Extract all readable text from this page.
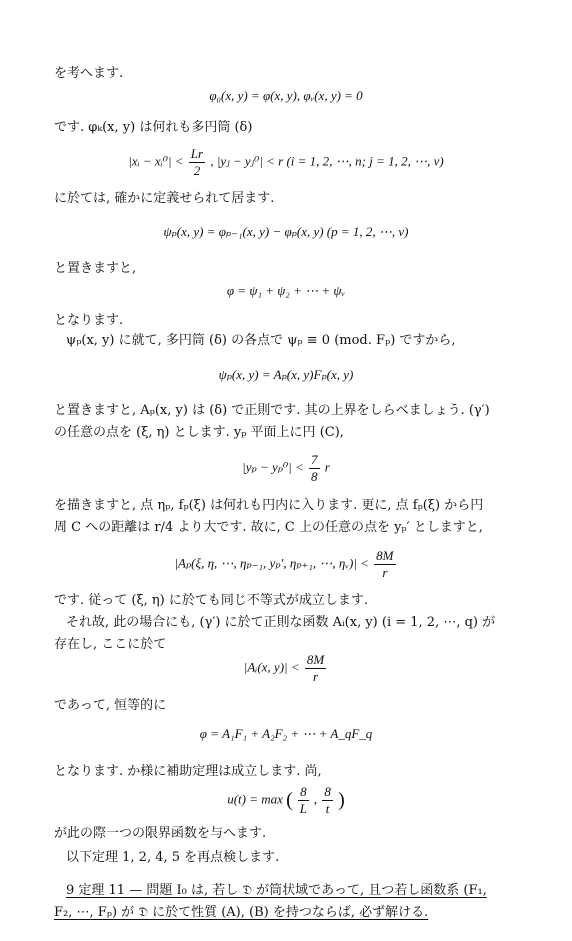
を考へます.
φ₀(x, y) = φ(x, y), φᵥ(x, y) = 0
です. φₖ(x, y) は何れも多円筒 (δ)
|xᵢ − xᵢ⁰| < $\frac{Lr}{2}$ , |yⱼ − yⱼ⁰| < r (i = 1, 2, ⋯, n; j = 1, 2, ⋯, ν)
に於ては, 確かに定義せられて居ます.
ψₚ(x, y) = φₚ₋₁(x, y) − φₚ(x, y) (p = 1, 2, ⋯, ν)
と置きますと,
φ = ψ₁ + ψ₂ + ⋯ + ψᵥ
となります.
ψₚ(x, y) に就て, 多円筒 (δ) の各点で ψₚ ≡ 0 (mod. Fₚ) ですから,
ψₚ(x, y) = Aₚ(x, y)Fₚ(x, y)
と置きますと, Aₚ(x, y) は (δ) で正則です. 其の上界をしらべましょう. (γ′)
の任意の点を (ξ, η) とします. yₚ 平面上に円 (C),
$|y_p - y_p^0| < \frac{7}{8}$ r
を描きますと, 点 ηₚ, fₚ(ξ) は何れも円内に入ります. 更に, 点 fₚ(ξ) から円
周 C への距離は r/4 より大です. 故に, C 上の任意の点を yₚ′ としますと,
|Aₚ(ξ, η, ⋯, ηₚ₋₁, yₚ′, ηₚ₊₁, ⋯, ηᵥ)| < $\frac{8M}{r}$
です. 従って (ξ, η) に於ても同じ不等式が成立します.
それ故, 此の場合にも, (γ′) に於て正則な函数 Aᵢ(x, y) (i = 1, 2, ⋯, q) が
存在し, ここに於て
|Aᵢ(x, $y)| < \frac{8M}{r}$
であって, 恒等的に
φ = A₁F₁ + A₂F₂ + ⋯ + A_qF_q
となります. か様に補助定理は成立します. 尚,
u(t) = max ( $\frac{8}{L}$ , $\frac{8}{t}$ )
が此の際一つの限界函数を与へます.
以下定理 1, 2, 4, 5 を再点検します.
9 定理 11 — 問題 I₀ は, 若し 𝔇 が筒状域であって, 且つ若し函数系 (F₁,
F₂, ⋯, Fₚ) が 𝔇 に於て性質 (A), (B) を持つならば, 必ず解ける.
